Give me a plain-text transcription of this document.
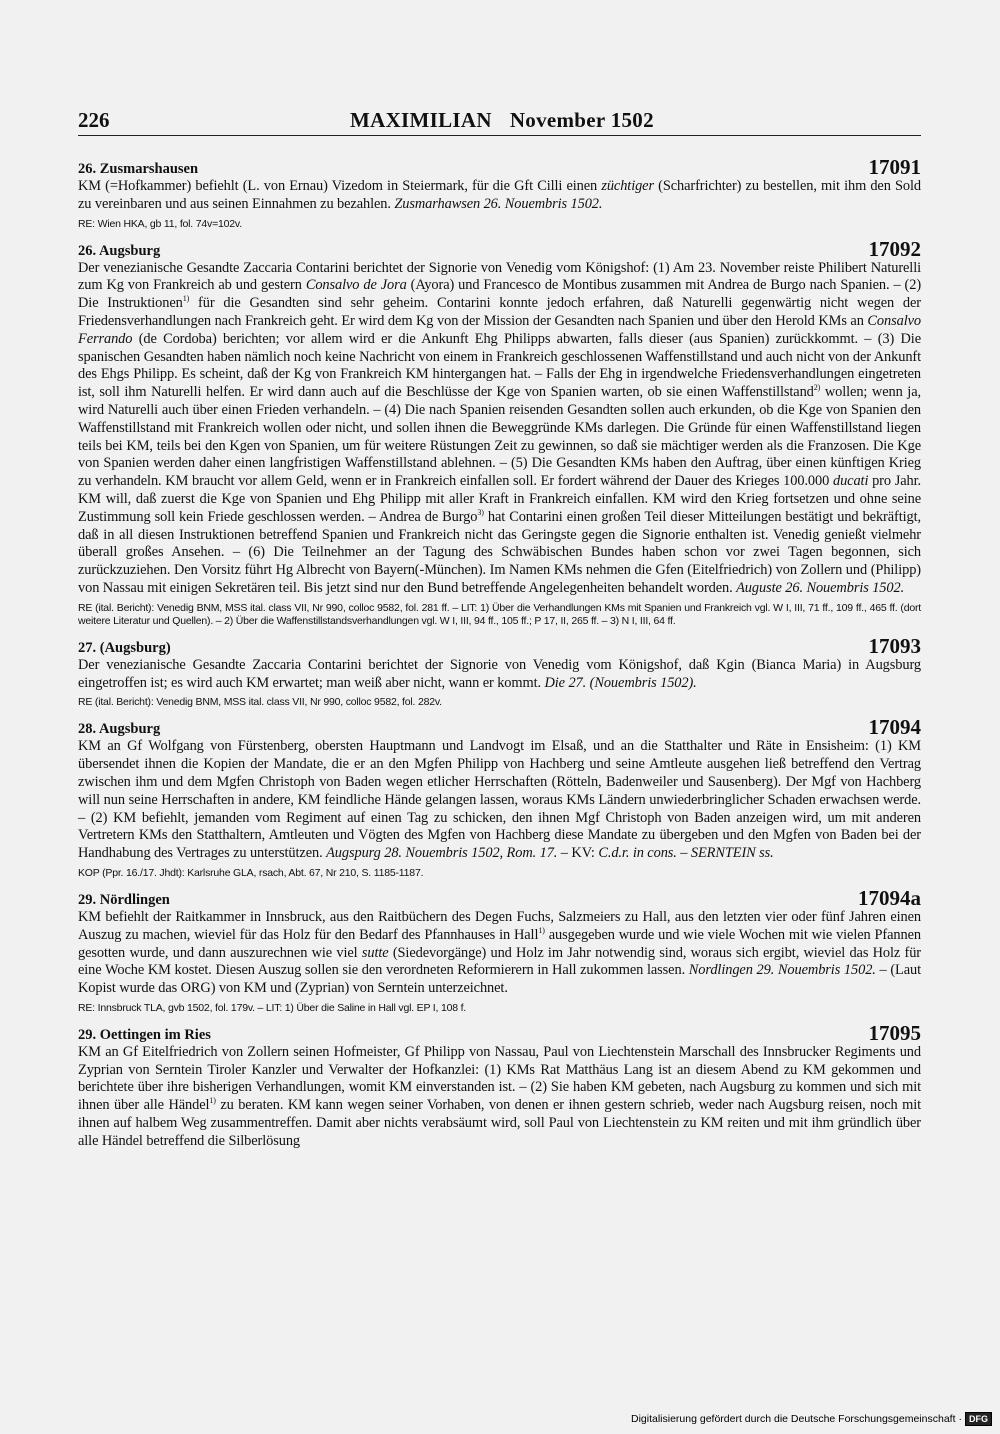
226	MAXIMILIAN November 1502
26. Zusmarshausen	17091

KM (=Hofkammer) befiehlt (L. von Ernau) Vizedom in Steiermark, für die Gft Cilli einen züchtiger (Scharfrichter) zu bestellen, mit ihm den Sold zu vereinbaren und aus seinen Einnahmen zu bezahlen. Zusmarhawsen 26. Nouembris 1502.

RE: Wien HKA, gb 11, fol. 74v=102v.
26. Augsburg	17092

Der venezianische Gesandte Zaccaria Contarini berichtet der Signorie von Venedig vom Königshof: (1) Am 23. November reiste Philibert Naturelli zum Kg von Frankreich ab und gestern Consalvo de Jora (Ayora) und Francesco de Montibus zusammen mit Andrea de Burgo nach Spanien. – (2) Die Instruktionen$^{1)}$ für die Gesandten sind sehr geheim. Contarini konnte jedoch erfahren, daß Naturelli gegenwärtig nicht wegen der Friedensverhandlungen nach Frankreich geht. Er wird dem Kg von der Mission der Gesandten nach Spanien und über den Herold KMs an Consalvo Ferrando (de Cordoba) berichten; vor allem wird er die Ankunft Ehg Philipps abwarten, falls dieser (aus Spanien) zurückkommt. – (3) Die spanischen Gesandten haben nämlich noch keine Nachricht von einem in Frankreich geschlossenen Waffenstillstand und auch nicht von der Ankunft des Ehgs Philipp. Es scheint, daß der Kg von Frankreich KM hintergangen hat. – Falls der Ehg in irgendwelche Friedensverhandlungen eingetreten ist, soll ihm Naturelli helfen. Er wird dann auch auf die Beschlüsse der Kge von Spanien warten, ob sie einen Waffenstillstand$^{2)}$ wollen; wenn ja, wird Naturelli auch über einen Frieden verhandeln. – (4) Die nach Spanien reisenden Gesandten sollen auch erkunden, ob die Kge von Spanien den Waffenstillstand mit Frankreich wollen oder nicht, und sollen ihnen die Beweggründe KMs darlegen. Die Gründe für einen Waffenstillstand liegen teils bei KM, teils bei den Kgen von Spanien, um für weitere Rüstungen Zeit zu gewinnen, so daß sie mächtiger werden als die Franzosen. Die Kge von Spanien werden daher einen langfristigen Waffenstillstand ablehnen. – (5) Die Gesandten KMs haben den Auftrag, über einen künftigen Krieg zu verhandeln. KM braucht vor allem Geld, wenn er in Frankreich einfallen soll. Er fordert während der Dauer des Krieges 100.000 ducati pro Jahr. KM will, daß zuerst die Kge von Spanien und Ehg Philipp mit aller Kraft in Frankreich einfallen. KM wird den Krieg fortsetzen und ohne seine Zustimmung soll kein Friede geschlossen werden. – Andrea de Burgo$^{3)}$ hat Contarini einen großen Teil dieser Mitteilungen bestätigt und bekräftigt, daß in all diesen Instruktionen betreffend Spanien und Frankreich nicht das Geringste gegen die Signorie enthalten ist. Venedig genießt vielmehr überall großes Ansehen. – (6) Die Teilnehmer an der Tagung des Schwäbischen Bundes haben schon vor zwei Tagen begonnen, sich zurückzuziehen. Den Vorsitz führt Hg Albrecht von Bayern(-München). Im Namen KMs nehmen die Gfen (Eitelfriedrich) von Zollern und (Philipp) von Nassau mit einigen Sekretären teil. Bis jetzt sind nur den Bund betreffende Angelegenheiten behandelt worden. Auguste 26. Nouembris 1502.

RE (ital. Bericht): Venedig BNM, MSS ital. class VII, Nr 990, colloc 9582, fol. 281 ff. – LIT: 1) Über die Verhandlungen KMs mit Spanien und Frankreich vgl. W I, III, 71 ff., 109 ff., 465 ff. (dort weitere Literatur und Quellen). – 2) Über die Waffenstillstandsverhandlungen vgl. W I, III, 94 ff., 105 ff.; P 17, II, 265 ff. – 3) N I, III, 64 ff.
27. (Augsburg)	17093

Der venezianische Gesandte Zaccaria Contarini berichtet der Signorie von Venedig vom Königshof, daß Kgin (Bianca Maria) in Augsburg eingetroffen ist; es wird auch KM erwartet; man weiß aber nicht, wann er kommt. Die 27. (Nouembris 1502).

RE (ital. Bericht): Venedig BNM, MSS ital. class VII, Nr 990, colloc 9582, fol. 282v.
28. Augsburg	17094

KM an Gf Wolfgang von Fürstenberg, obersten Hauptmann und Landvogt im Elsaß, und an die Statthalter und Räte in Ensisheim: (1) KM übersendet ihnen die Kopien der Mandate, die er an den Mgfen Philipp von Hachberg und seine Amtleute ausgehen ließ betreffend den Vertrag zwischen ihm und dem Mgfen Christoph von Baden wegen etlicher Herrschaften (Rötteln, Badenweiler und Sausenberg). Der Mgf von Hachberg will nun seine Herrschaften in andere, KM feindliche Hände gelangen lassen, woraus KMs Ländern unwiederbringlicher Schaden erwachsen werde. – (2) KM befiehlt, jemanden vom Regiment auf einen Tag zu schicken, den ihnen Mgf Christoph von Baden anzeigen wird, um mit anderen Vertretern KMs den Statthaltern, Amtleuten und Vögten des Mgfen von Hachberg diese Mandate zu übergeben und den Mgfen von Baden bei der Handhabung des Vertrages zu unterstützen. Augspurg 28. Nouembris 1502, Rom. 17. – KV: C.d.r. in cons. – SERNTEIN ss.

KOP (Ppr. 16./17. Jhdt): Karlsruhe GLA, rsach, Abt. 67, Nr 210, S. 1185-1187.
29. Nördlingen	17094a

KM befiehlt der Raitkammer in Innsbruck, aus den Raitbüchern des Degen Fuchs, Salzmeiers zu Hall, aus den letzten vier oder fünf Jahren einen Auszug zu machen, wieviel für das Holz für den Bedarf des Pfannhauses in Hall$^{1)}$ ausgegeben wurde und wie viele Wochen mit wie vielen Pfannen gesotten wurde, und dann auszurechnen wie viel sutte (Siedevorgänge) und Holz im Jahr notwendig sind, woraus sich ergibt, wieviel das Holz für eine Woche KM kostet. Diesen Auszug sollen sie den verordneten Reformierern in Hall zukommen lassen. Nordlingen 29. Nouembris 1502. – (Laut Kopist wurde das ORG) von KM und (Zyprian) von Serntein unterzeichnet.

RE: Innsbruck TLA, gvb 1502, fol. 179v. – LIT: 1) Über die Saline in Hall vgl. EP I, 108 f.
29. Oettingen im Ries	17095

KM an Gf Eitelfriedrich von Zollern seinen Hofmeister, Gf Philipp von Nassau, Paul von Liechtenstein Marschall des Innsbrucker Regiments und Zyprian von Serntein Tiroler Kanzler und Verwalter der Hofkanzlei: (1) KMs Rat Matthäus Lang ist an diesem Abend zu KM gekommen und berichtete über ihre bisherigen Verhandlungen, womit KM einverstanden ist. – (2) Sie haben KM gebeten, nach Augsburg zu kommen und sich mit ihnen über alle Händel$^{1)}$ zu beraten. KM kann wegen seiner Vorhaben, von denen er ihnen gestern schrieb, weder nach Augsburg reisen, noch mit ihnen auf halbem Weg zusammentreffen. Damit aber nichts verabsäumt wird, soll Paul von Liechtenstein zu KM reiten und mit ihm gründlich über alle Händel betreffend die Silberlösung

Digitalisierung gefördert durch die Deutsche Forschungsgemeinschaft · DFG
